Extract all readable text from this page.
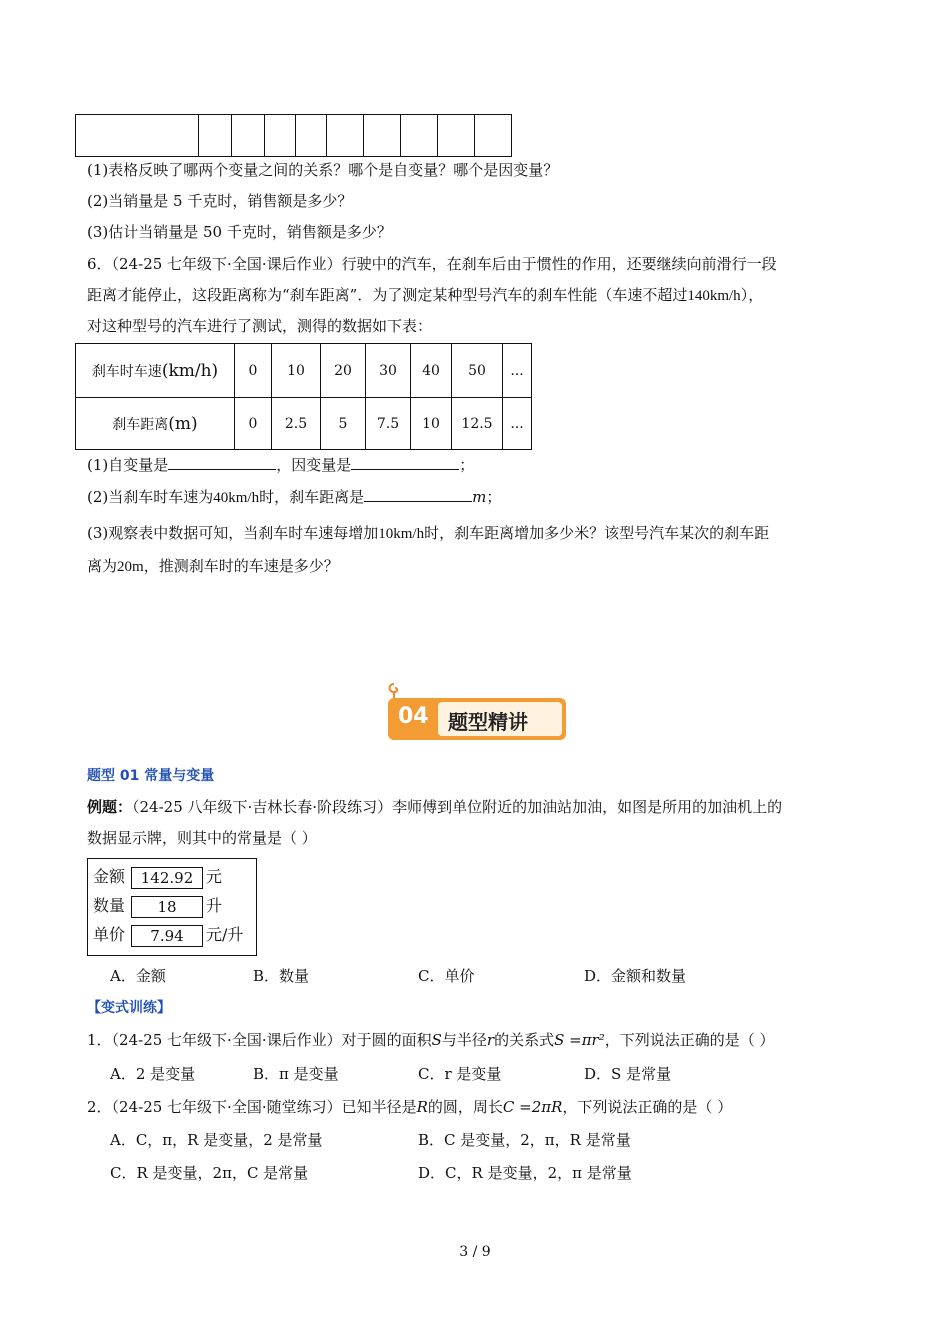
(1)表格反映了哪两个变量之间的关系？哪个是自变量？哪个是因变量？
(2)当销量是 5 千克时，销售额是多少？
(3)估计当销量是 50 千克时，销售额是多少？
6．（24-25 七年级下·全国·课后作业）行驶中的汽车，在刹车后由于惯性的作用，还要继续向前滑行一段
距离才能停止，这段距离称为“刹车距离”．为了测定某种型号汽车的刹车性能（车速不超过140km/h），
对这种型号的汽车进行了测试，测得的数据如下表：
刹车时车速(km/h)	0	10	20	30	40	50	...
刹车距离(m)	0	2.5	5	7.5	10	12.5	...
(1)自变量是	，因变量是	；
(2)当刹车时车速为40km/h时，刹车距离是	m；
(3)观察表中数据可知，当刹车时车速每增加10km/h时，刹车距离增加多少米？该型号汽车某次的刹车距
离为20m，推测刹车时的车速是多少？
04 题型精讲
题型 01 常量与变量
例题：（24-25 八年级下·吉林长春·阶段练习）李师傅到单位附近的加油站加油，如图是所用的加油机上的
数据显示牌，则其中的常量是（ ）
金额	142.92 元
数量	18	升
单价	7.94	元/升
A．金额	B．数量	C．单价	D．金额和数量
【变式训练】
1．（24-25 七年级下·全国·课后作业）对于圆的面积S与半径r的关系式S =πr²，下列说法正确的是（ ）
A．2 是变量	B．π 是变量	C．r 是变量	D．S 是常量
2．（24-25 七年级下·全国·随堂练习）已知半径是R的圆，周长C =2πR，下列说法正确的是（ ）
A．C，π，R 是变量，2 是常量	B．C 是变量，2，π，R 是常量
C．R 是变量，2π，C 是常量	D．C，R 是变量，2，π 是常量
3 / 9
